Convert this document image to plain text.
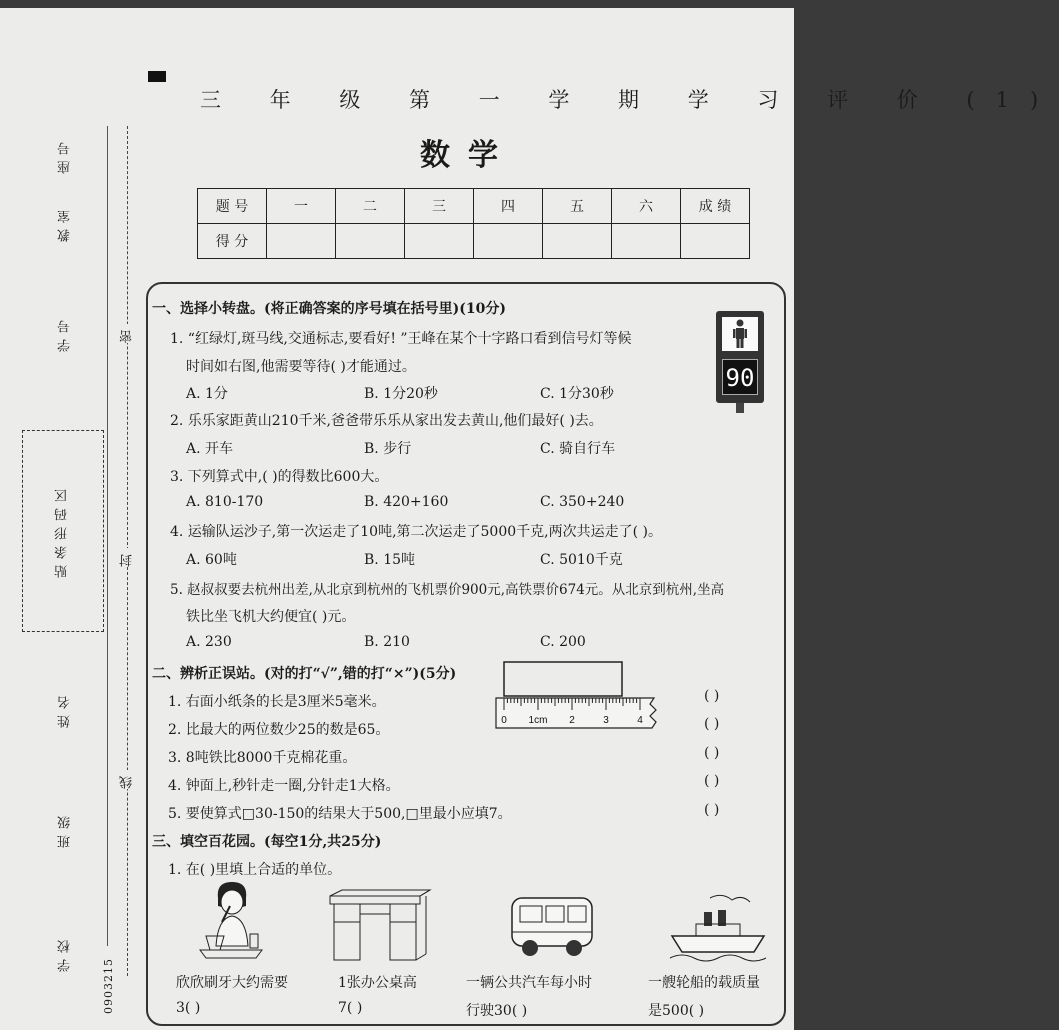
座号
教室
学号
贴条形码区
姓名
班级
学校
密
封
线
0903215
三 年 级 第 一 学 期 学 习 评 价 (1)
数学
题 号	一	二	三	四	五	六	成 绩
得 分							
一、选择小转盘。(将正确答案的序号填在括号里)(10分)
1. “红绿灯,斑马线,交通标志,要看好! ”王峰在某个十字路口看到信号灯等候
时间如右图,他需要等待( )才能通过。
A. 1分	B. 1分20秒	C. 1分30秒
90
2. 乐乐家距黄山210千米,爸爸带乐乐从家出发去黄山,他们最好( )去。
A. 开车	B. 步行	C. 骑自行车
3. 下列算式中,( )的得数比600大。
A. 810-170	B. 420+160	C. 350+240
4. 运输队运沙子,第一次运走了10吨,第二次运走了5000千克,两次共运走了( )。
A. 60吨	B. 15吨	C. 5010千克
5. 赵叔叔要去杭州出差,从北京到杭州的飞机票价900元,高铁票价674元。从北京到杭州,坐高
铁比坐飞机大约便宜( )元。
A. 230	B. 210	C. 200
二、辨析正误站。(对的打“√”,错的打“×”)(5分)
0 1cm 2	3	4
1. 右面小纸条的长是3厘米5毫米。
2. 比最大的两位数少25的数是65。
3. 8吨铁比8000千克棉花重。
4. 钟面上,秒针走一圈,分针走1大格。
5. 要使算式□30-150的结果大于500,□里最小应填7。
( )
( )
( )
( )
( )
三、填空百花园。(每空1分,共25分)
1. 在( )里填上合适的单位。
欣欣刷牙大约需要
3( )
1张办公桌高
7( )
一辆公共汽车每小时
行驶30( )
一艘轮船的载质量
是500( )
